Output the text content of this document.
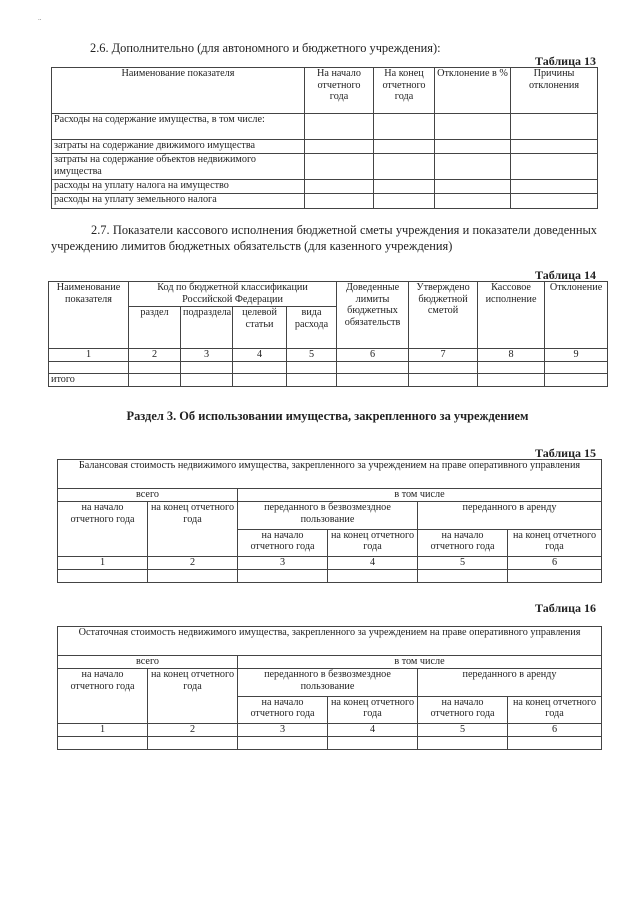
..
2.6. Дополнительно (для автономного и бюджетного учреждения):
Таблица 13
Наименование показателя	На начало отчетного года	На конец отчетного года	Отклонение в %	Причины отклонения
Расходы на содержание имущества, в том числе:				
затраты на содержание движимого имущества				
затраты на содержание объектов недвижимого имущества				
расходы на уплату налога на имущество				
расходы на уплату земельного налога				
2.7. Показатели кассового исполнения бюджетной сметы учреждения и показатели доведенных учреждению лимитов бюджетных обязательств (для казенного учреждения)
Таблица 14
Наименование показателя	Код по бюджетной классификации Российской Федерации				Доведенные лимиты бюджетных обязательств	Утверждено бюджетной сметой	Кассовое исполнение	Отклонение
	раздел	подраздела	целевой статьи	вида расхода				
1	2	3	4	5	6	7	8	9

итого								
Раздел 3. Об использовании имущества, закрепленного за учреждением
Таблица 15
Балансовая стоимость недвижимого имущества, закрепленного за учреждением на праве оперативного управления					
всего		в том числе			
на начало отчетного года	на конец отчетного года	переданного в безвозмездное пользование		переданного в аренду	
		на начало отчетного года	на конец отчетного года	на начало отчетного года	на конец отчетного года
1	2	3	4	5	6

Таблица 16
Остаточная стоимость недвижимого имущества, закрепленного за учреждением на праве оперативного управления					
всего		в том числе			
на начало отчетного года	на конец отчетного года	переданного в безвозмездное пользование		переданного в аренду	
		на начало отчетного года	на конец отчетного года	на начало отчетного года	на конец отчетного года
1	2	3	4	5	6
